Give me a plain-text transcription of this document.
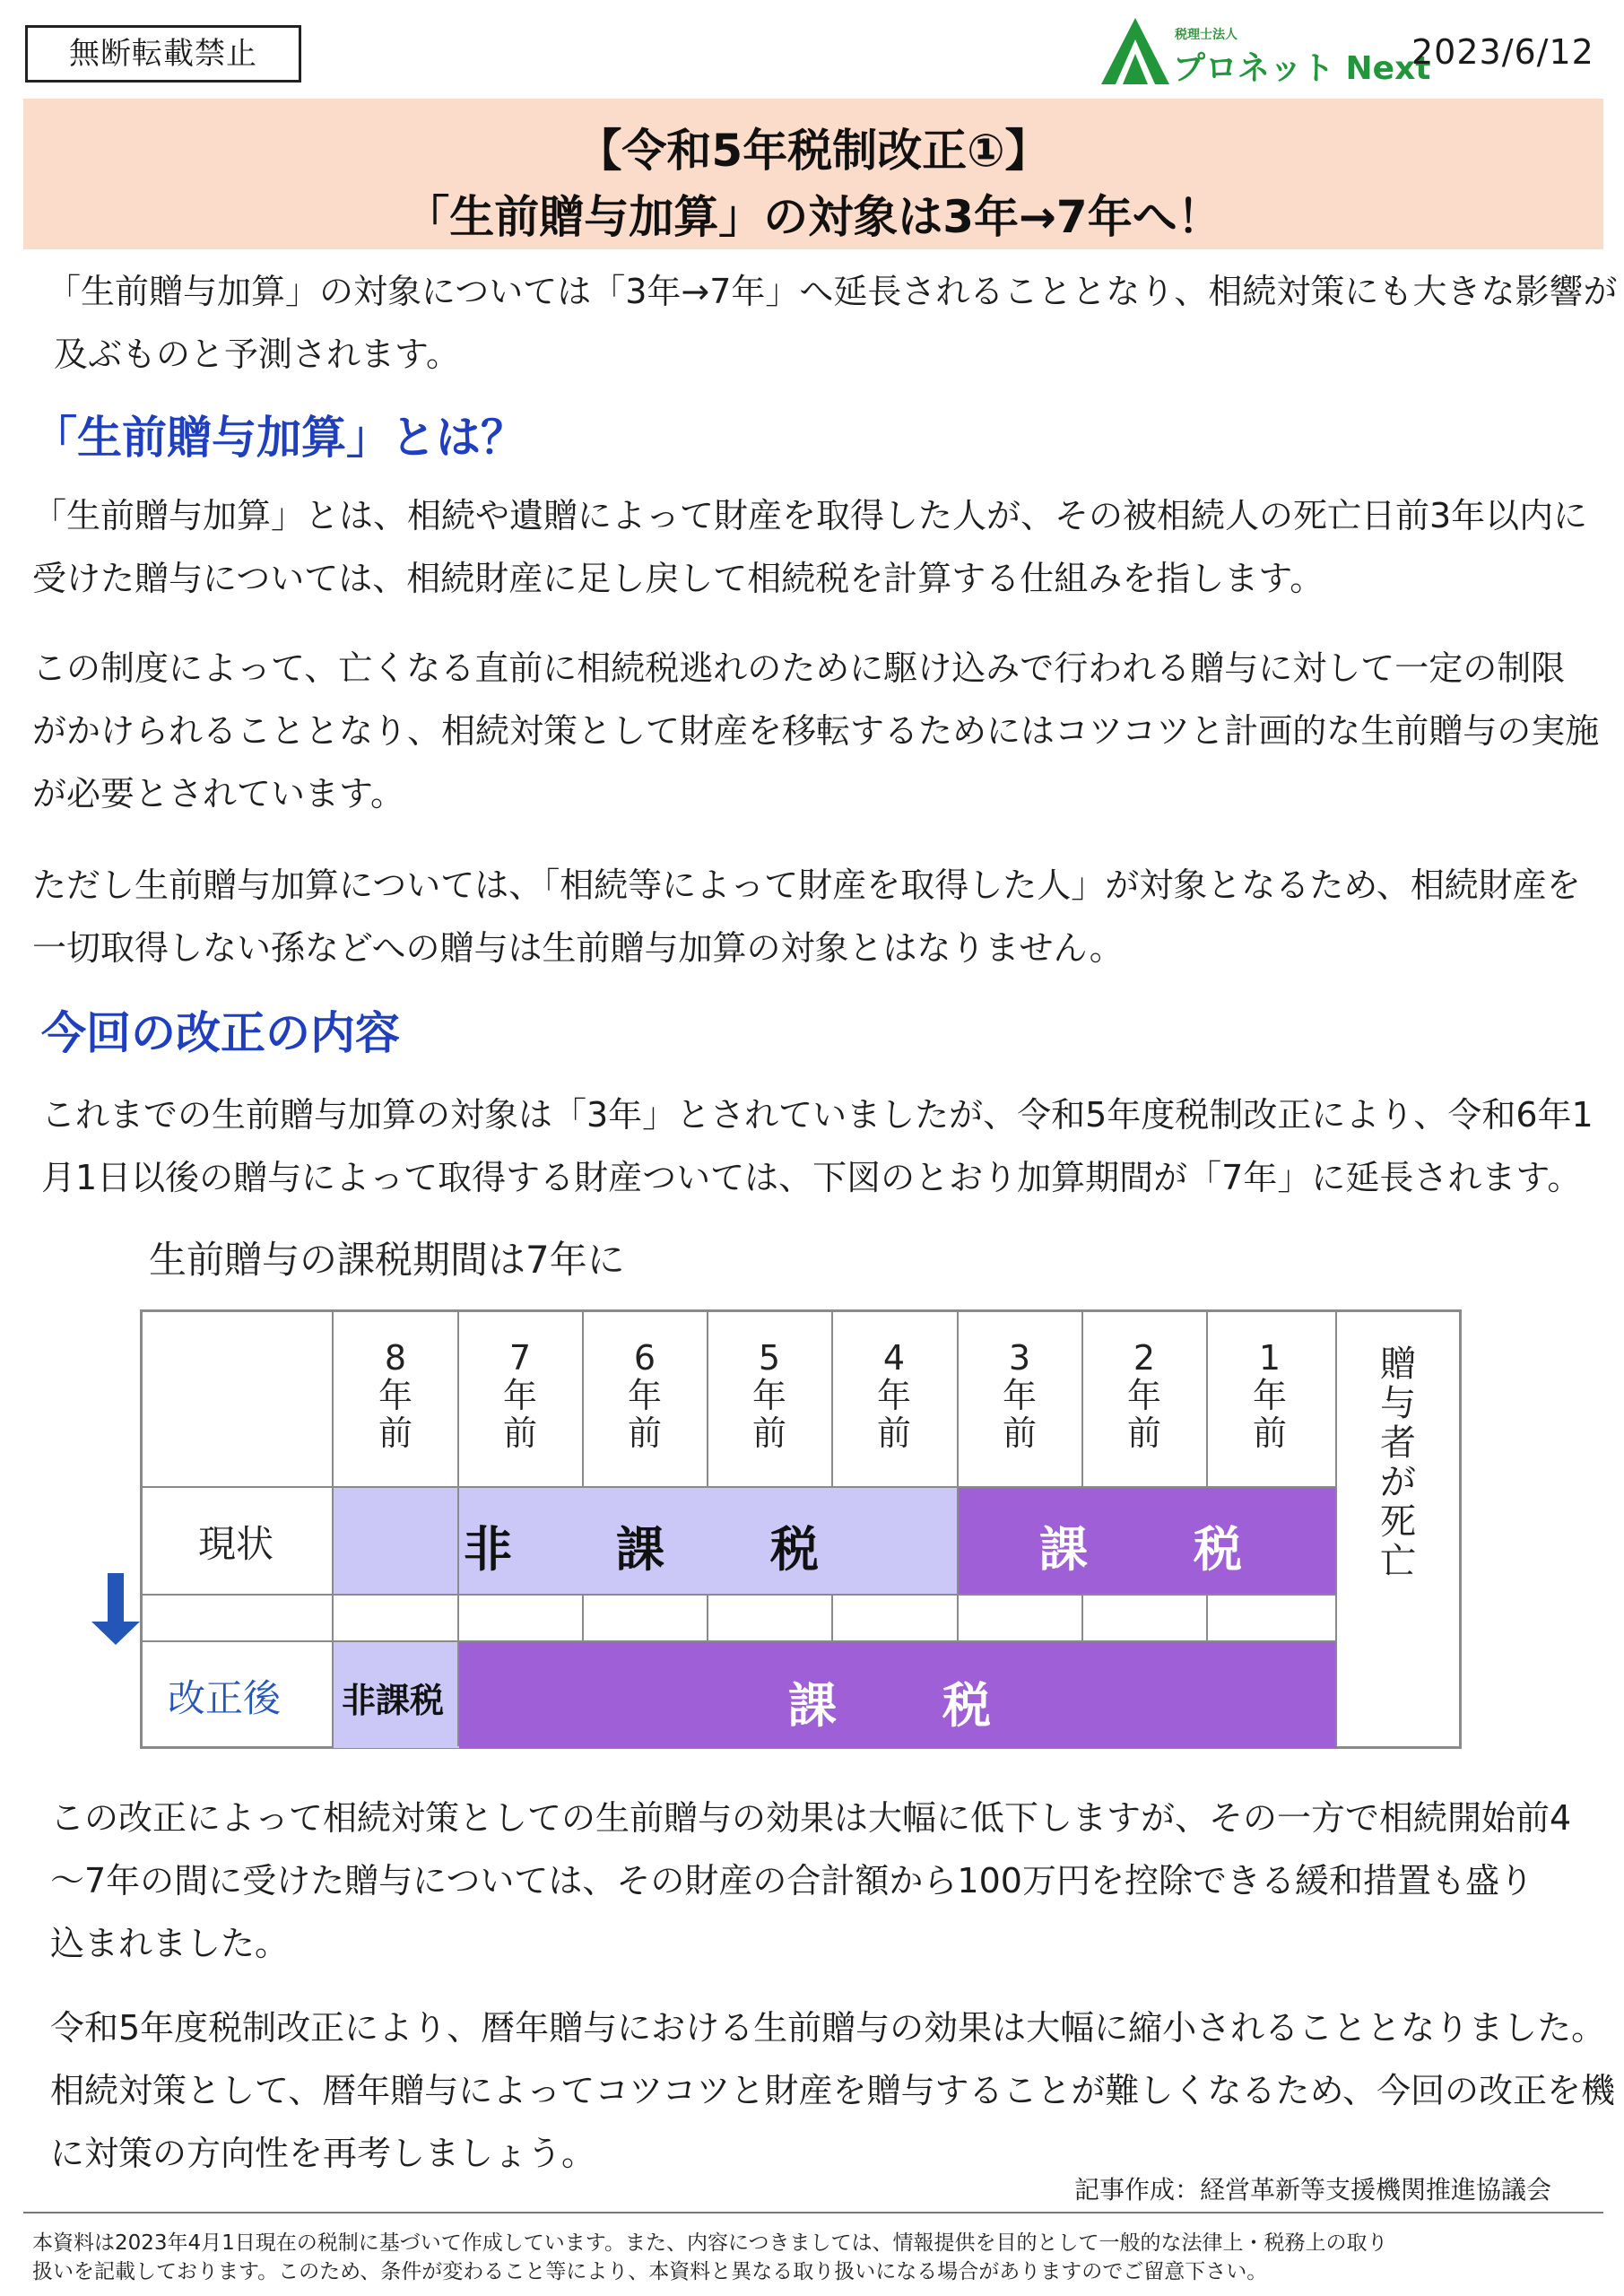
無断転載禁止
税理士法人
プロネット Next
2023/6/12
【令和5年税制改正①】
「生前贈与加算」の対象は3年→7年へ！
「生前贈与加算」の対象については「3年→7年」へ延長されることとなり、相続対策にも大きな影響が
及ぶものと予測されます。
「生前贈与加算」とは？
「生前贈与加算」とは、相続や遺贈によって財産を取得した人が、その被相続人の死亡日前3年以内に
受けた贈与については、相続財産に足し戻して相続税を計算する仕組みを指します。
この制度によって、亡くなる直前に相続税逃れのために駆け込みで行われる贈与に対して一定の制限
がかけられることとなり、相続対策として財産を移転するためにはコツコツと計画的な生前贈与の実施
が必要とされています。
ただし生前贈与加算については、「相続等によって財産を取得した人」が対象となるため、相続財産を
一切取得しない孫などへの贈与は生前贈与加算の対象とはなりません。
今回の改正の内容
これまでの生前贈与加算の対象は「3年」とされていましたが、令和5年度税制改正により、令和6年1
月1日以後の贈与によって取得する財産ついては、下図のとおり加算期間が「7年」に延長されます。
生前贈与の課税期間は7年に
8
年
前
7
年
前
6
年
前
5
年
前
4
年
前
3
年
前
2
年
前
1
年
前
贈
与
者
が
死
亡
現状
改正後
非 課 税	課 税
非課税	課 税
この改正によって相続対策としての生前贈与の効果は大幅に低下しますが、その一方で相続開始前4
～7年の間に受けた贈与については、その財産の合計額から100万円を控除できる緩和措置も盛り
込まれました。
令和5年度税制改正により、暦年贈与における生前贈与の効果は大幅に縮小されることとなりました。
相続対策として、暦年贈与によってコツコツと財産を贈与することが難しくなるため、今回の改正を機
に対策の方向性を再考しましょう。
記事作成：経営革新等支援機関推進協議会
本資料は2023年4月1日現在の税制に基づいて作成しています。また、内容につきましては、情報提供を目的として一般的な法律上・税務上の取り
扱いを記載しております。このため、条件が変わること等により、本資料と異なる取り扱いになる場合がありますのでご留意下さい。
